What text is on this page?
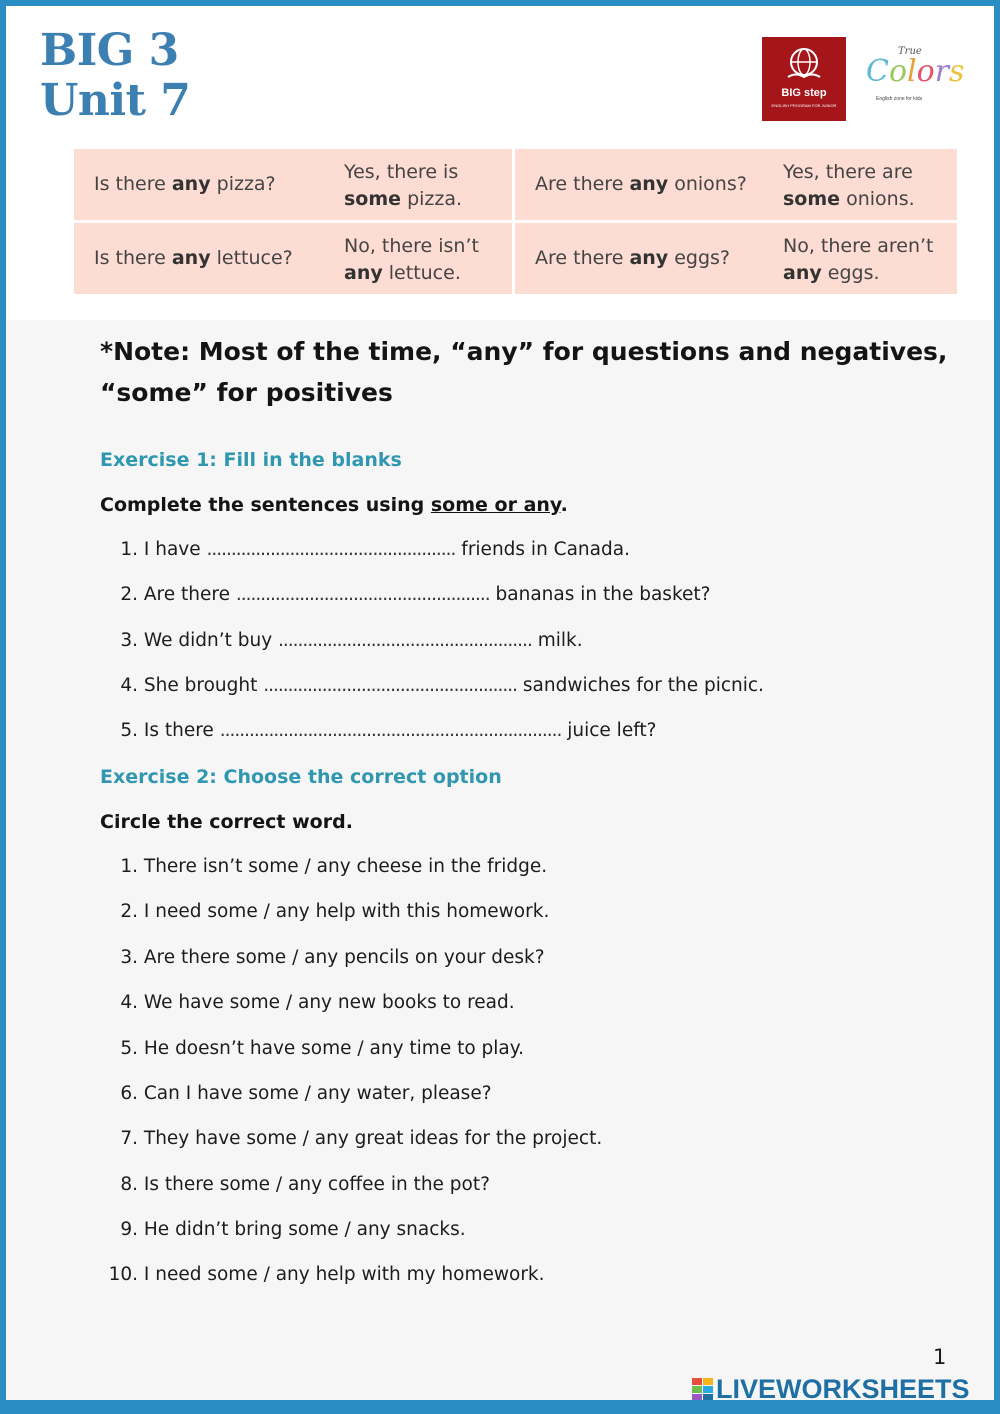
BIG 3
Unit 7	BIG step
ENGLISH PROGRAM FOR JUNIOR
True
Colors
English zone for kids
Is there any pizza?
Yes, there is
some pizza.
Are there any onions?
Yes, there are
some onions.
Is there any lettuce?
No, there isn’t
any lettuce.
Are there any eggs?
No, there aren’t
any eggs.
*Note: Most of the time, “any” for questions and negatives, “some” for positives
Exercise 1: Fill in the blanks
Complete the sentences using some or any.
1. I have ................................................... friends in Canada.
2. Are there .................................................... bananas in the basket?
3. We didn’t buy .................................................... milk.
4. She brought .................................................... sandwiches for the picnic.
5. Is there ...................................................................... juice left?
Exercise 2: Choose the correct option
Circle the correct word.
1. There isn’t some / any cheese in the fridge.
2. I need some / any help with this homework.
3. Are there some / any pencils on your desk?
4. We have some / any new books to read.
5. He doesn’t have some / any time to play.
6. Can I have some / any water, please?
7. They have some / any great ideas for the project.
8. Is there some / any coffee in the pot?
9. He didn’t bring some / any snacks.
10. I need some / any help with my homework.
1
LIVEWORKSHEETS
